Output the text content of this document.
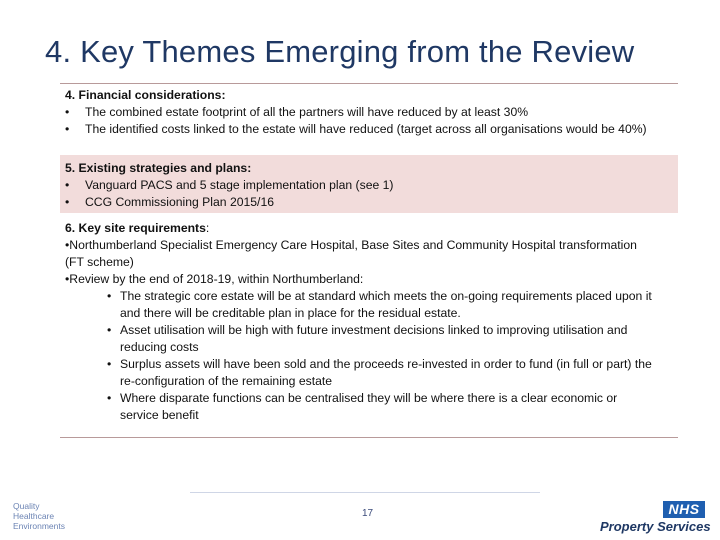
4. Key Themes Emerging from the Review
4. Financial considerations:
•	The combined estate footprint of all the partners will have reduced by at least 30%
•	The identified costs linked to the estate will have reduced (target across all organisations would be 40%)
5. Existing strategies and plans:
•	Vanguard PACS and 5 stage implementation plan (see 1)
•	CCG Commissioning Plan 2015/16
6. Key site requirements:
•Northumberland Specialist Emergency Care Hospital, Base Sites and Community Hospital transformation (FT scheme)
•Review by the end of 2018-19, within Northumberland:
• The strategic core estate will be at standard which meets the on-going requirements placed upon it and there will be creditable plan in place for the residual estate.
• Asset utilisation will be high with future investment decisions linked to improving utilisation and reducing costs
• Surplus assets will have been sold and the proceeds re-invested in order to fund (in full or part) the re-configuration of the remaining estate
• Where disparate functions can be centralised they will be where there is a clear economic or service benefit
Quality
Healthcare
Environments
17	NHS
Property Services
